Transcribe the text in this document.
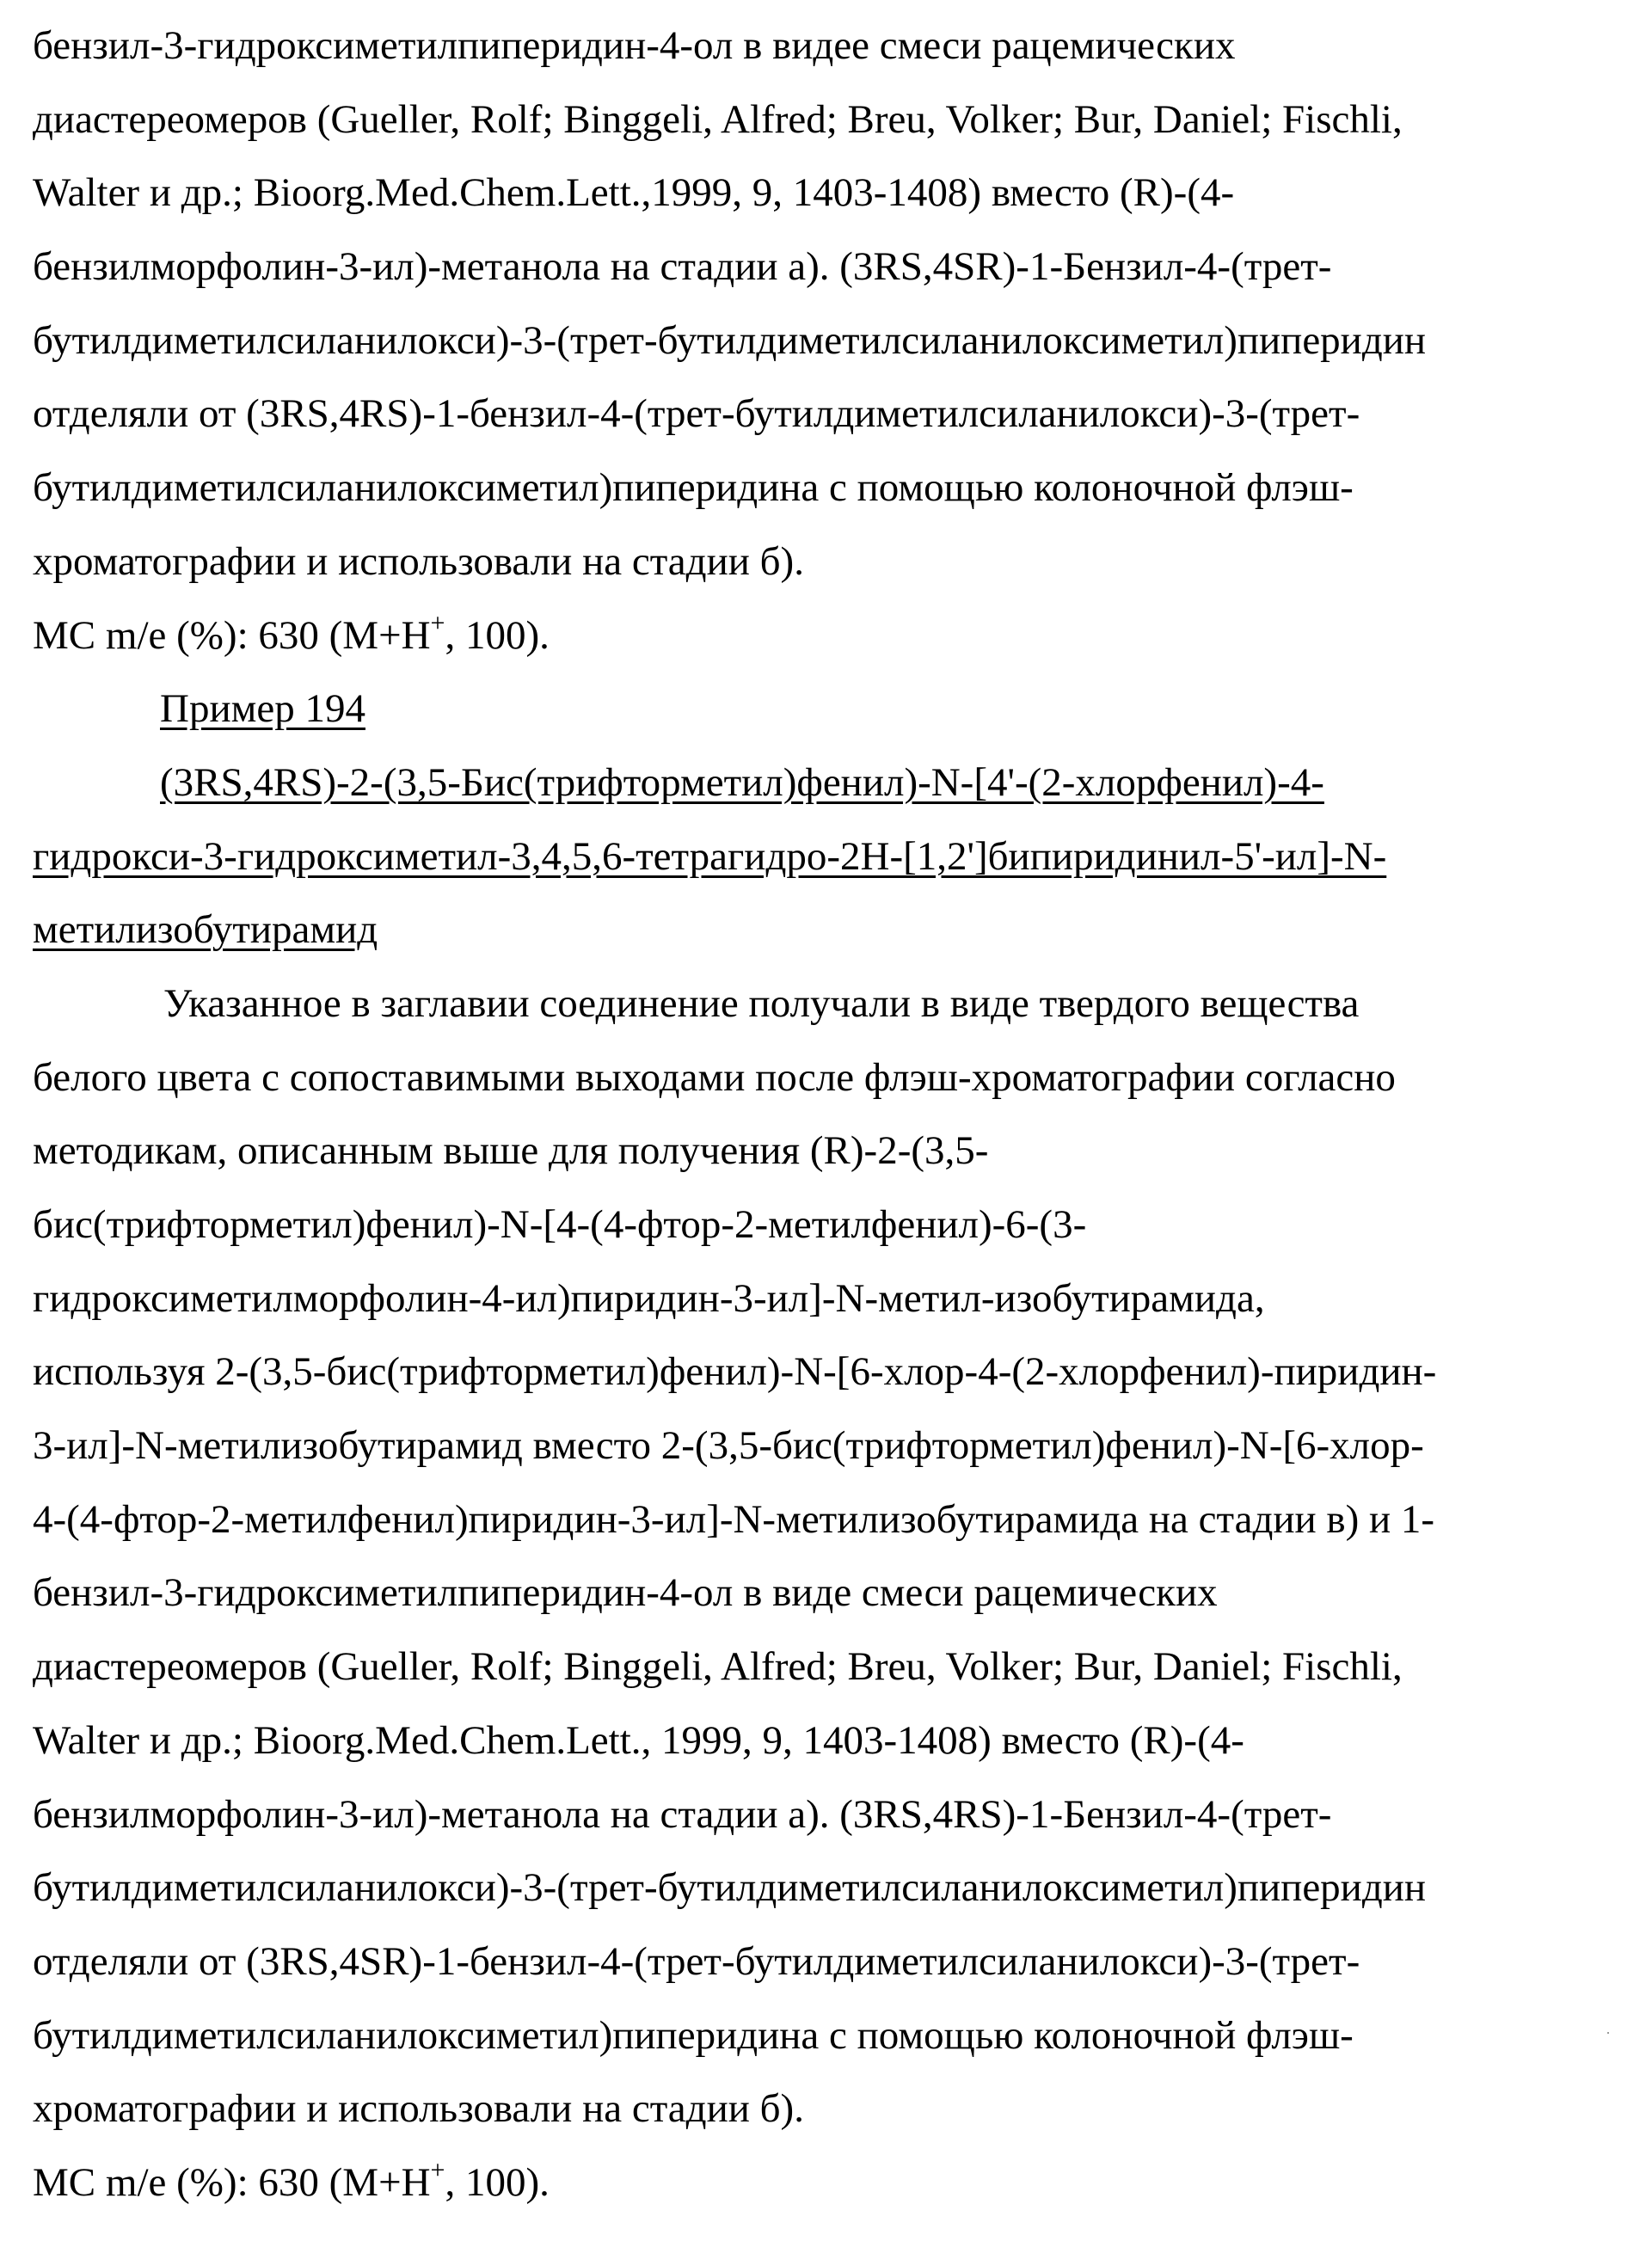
бензил-3-гидроксиметилпиперидин-4-ол в видее смеси рацемических

диастереомеров (Gueller, Rolf; Binggeli, Alfred; Breu, Volker; Bur, Daniel; Fischli,

Walter и др.; Bioorg.Med.Chem.Lett.,1999, 9, 1403-1408) вместо (R)-(4-

бензилморфолин-3-ил)-метанола на стадии а). (3RS,4SR)-1-Бензил-4-(трет-

бутилдиметилсиланилокси)-3-(трет-бутилдиметилсиланилоксиметил)пиперидин

отделяли от (3RS,4RS)-1-бензил-4-(трет-бутилдиметилсиланилокси)-3-(трет-

бутилдиметилсиланилоксиметил)пиперидина с помощью колоночной флэш-

хроматографии и использовали на стадии б).

МС m/e (%): 630 (M+H+, 100).

Пример 194

(3RS,4RS)-2-(3,5-Бис(трифторметил)фенил)-N-[4'-(2-хлорфенил)-4-

гидрокси-3-гидроксиметил-3,4,5,6-тетрагидро-2H-[1,2']бипиридинил-5'-ил]-N-

метилизобутирамид

Указанное в заглавии соединение получали в виде твердого вещества

белого цвета с сопоставимыми выходами после флэш-хроматографии согласно

методикам, описанным выше для получения (R)-2-(3,5-

бис(трифторметил)фенил)-N-[4-(4-фтор-2-метилфенил)-6-(3-

гидроксиметилморфолин-4-ил)пиридин-3-ил]-N-метил-изобутирамида,

используя 2-(3,5-бис(трифторметил)фенил)-N-[6-хлор-4-(2-хлорфенил)-пиридин-

3-ил]-N-метилизобутирамид вместо 2-(3,5-бис(трифторметил)фенил)-N-[6-хлор-

4-(4-фтор-2-метилфенил)пиридин-3-ил]-N-метилизобутирамида на стадии в) и 1-

бензил-3-гидроксиметилпиперидин-4-ол в виде смеси рацемических

диастереомеров (Gueller, Rolf; Binggeli, Alfred; Breu, Volker; Bur, Daniel; Fischli,

Walter и др.; Bioorg.Med.Chem.Lett., 1999, 9, 1403-1408) вместо (R)-(4-

бензилморфолин-3-ил)-метанола на стадии а). (3RS,4RS)-1-Бензил-4-(трет-

бутилдиметилсиланилокси)-3-(трет-бутилдиметилсиланилоксиметил)пиперидин

отделяли от (3RS,4SR)-1-бензил-4-(трет-бутилдиметилсиланилокси)-3-(трет-

бутилдиметилсиланилоксиметил)пиперидина с помощью колоночной флэш-

хроматографии и использовали на стадии б).

МС m/e (%): 630 (M+H+, 100).
